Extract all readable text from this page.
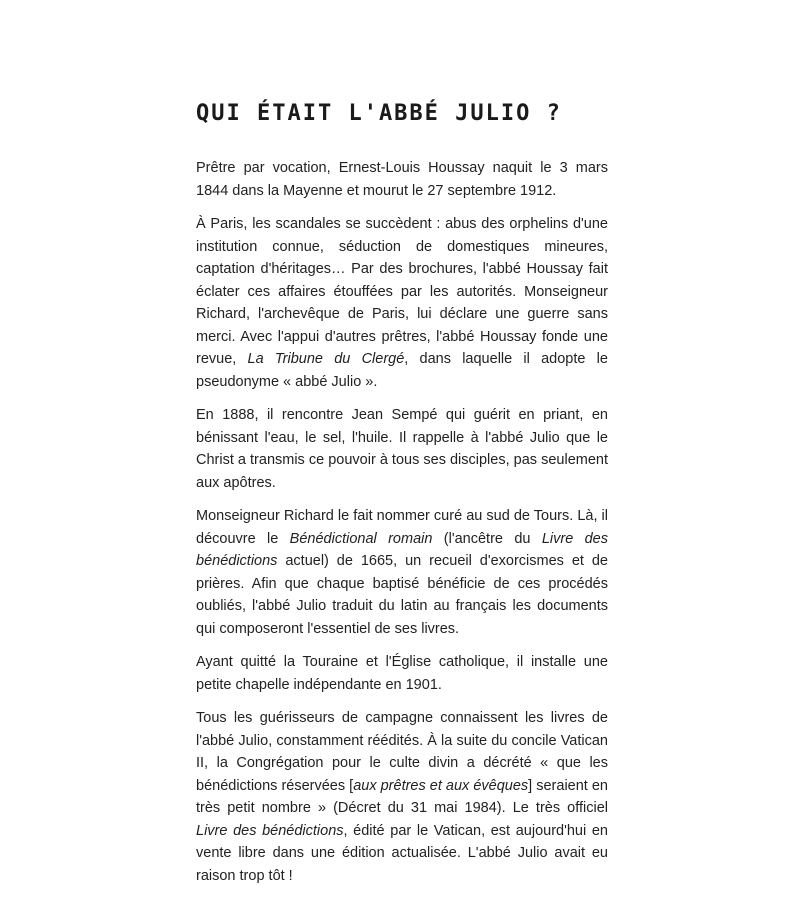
QUI ÉTAIT L'ABBÉ JULIO ?

Prêtre par vocation, Ernest-Louis Houssay naquit le 3 mars 1844 dans la Mayenne et mourut le 27 septembre 1912.

À Paris, les scandales se succèdent : abus des orphelins d'une institution connue, séduction de domestiques mineures, captation d'héritages… Par des brochures, l'abbé Houssay fait éclater ces affaires étouffées par les autorités. Monseigneur Richard, l'archevêque de Paris, lui déclare une guerre sans merci. Avec l'appui d'autres prêtres, l'abbé Houssay fonde une revue, La Tribune du Clergé, dans laquelle il adopte le pseudonyme « abbé Julio ».

En 1888, il rencontre Jean Sempé qui guérit en priant, en bénissant l'eau, le sel, l'huile. Il rappelle à l'abbé Julio que le Christ a transmis ce pouvoir à tous ses disciples, pas seulement aux apôtres.

Monseigneur Richard le fait nommer curé au sud de Tours. Là, il découvre le Bénédictional romain (l'ancêtre du Livre des bénédictions actuel) de 1665, un recueil d'exorcismes et de prières. Afin que chaque baptisé bénéficie de ces procédés oubliés, l'abbé Julio traduit du latin au français les documents qui composeront l'essentiel de ses livres.

Ayant quitté la Touraine et l'Église catholique, il installe une petite chapelle indépendante en 1901.

Tous les guérisseurs de campagne connaissent les livres de l'abbé Julio, constamment réédités. À la suite du concile Vatican II, la Congrégation pour le culte divin a décrété « que les bénédictions réservées [aux prêtres et aux évêques] seraient en très petit nombre » (Décret du 31 mai 1984). Le très officiel Livre des bénédictions, édité par le Vatican, est aujourd'hui en vente libre dans une édition actualisée. L'abbé Julio avait eu raison trop tôt !
